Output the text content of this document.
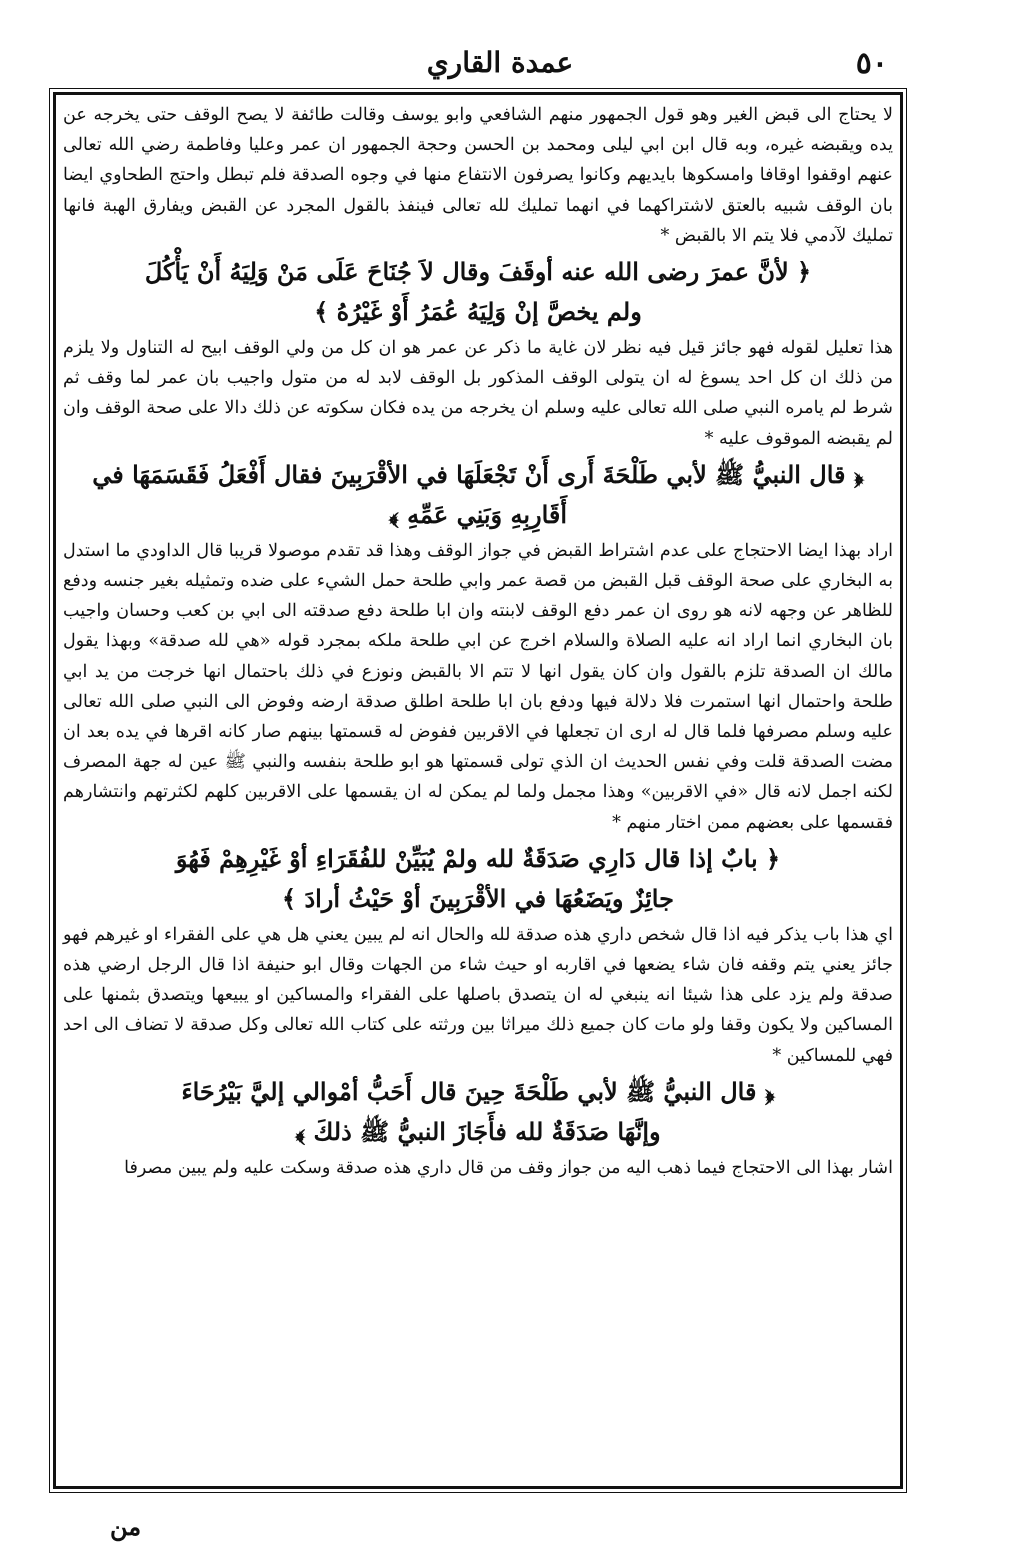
٥٠
عمدة القاري

لا يحتاج الى قبض الغير وهو قول الجمهور منهم الشافعي وابو يوسف وقالت طائفة لا يصح الوقف حتى يخرجه عن يده ويقبضه غيره، وبه قال ابن ابي ليلى ومحمد بن الحسن وحجة الجمهور ان عمر وعليا وفاطمة رضي الله تعالى عنهم اوقفوا اوقافا وامسكوها بايديهم وكانوا يصرفون الانتفاع منها في وجوه الصدقة فلم تبطل واحتج الطحاوي ايضا بان الوقف شبيه بالعتق لاشتراكهما في انهما تمليك لله تعالى فينفذ بالقول المجرد عن القبض ويفارق الهبة فانها تمليك لآدمي فلا يتم الا بالقبض *

﴿ لأنَّ عمرَ رضى الله عنه أوقَفَ وقال لاَ جُنَاحَ عَلَى مَنْ وَلِيَهُ أَنْ يَأْكُلَ
ولم يخصَّ إنْ وَلِيَهُ عُمَرُ أَوْ غَيْرُهُ ﴾

هذا تعليل لقوله فهو جائز قيل فيه نظر لان غاية ما ذكر عن عمر هو ان كل من ولي الوقف ابيح له التناول ولا يلزم من ذلك ان كل احد يسوغ له ان يتولى الوقف المذكور بل الوقف لابد له من متول واجيب بان عمر لما وقف ثم شرط لم يامره النبي صلى الله تعالى عليه وسلم ان يخرجه من يده فكان سكوته عن ذلك دالا على صحة الوقف وان لم يقبضه الموقوف عليه *

﴿ قال النبيُّ ﷺ لأبي طَلْحَةَ أَرى أَنْ تَجْعَلَهَا في الأقْرَبِينَ فقال أَفْعَلُ فَقَسَمَهَا في أَقَارِبِهِ وَبَنِي عَمِّهِ ﴾

اراد بهذا ايضا الاحتجاج على عدم اشتراط القبض في جواز الوقف وهذا قد تقدم موصولا قريبا قال الداودي ما استدل به البخاري على صحة الوقف قبل القبض من قصة عمر وابي طلحة حمل الشيء على ضده وتمثيله بغير جنسه ودفع للظاهر عن وجهه لانه هو روى ان عمر دفع الوقف لابنته وان ابا طلحة دفع صدقته الى ابي بن كعب وحسان واجيب بان البخاري انما اراد انه عليه الصلاة والسلام اخرج عن ابي طلحة ملكه بمجرد قوله «هي لله صدقة» وبهذا يقول مالك ان الصدقة تلزم بالقول وان كان يقول انها لا تتم الا بالقبض ونوزع في ذلك باحتمال انها خرجت من يد ابي طلحة واحتمال انها استمرت فلا دلالة فيها ودفع بان ابا طلحة اطلق صدقة ارضه وفوض الى النبي صلى الله تعالى عليه وسلم مصرفها فلما قال له ارى ان تجعلها في الاقربين ففوض له قسمتها بينهم صار كانه اقرها في يده بعد ان مضت الصدقة قلت وفي نفس الحديث ان الذي تولى قسمتها هو ابو طلحة بنفسه والنبي ﷺ عين له جهة المصرف لكنه اجمل لانه قال «في الاقربين» وهذا مجمل ولما لم يمكن له ان يقسمها على الاقربين كلهم لكثرتهم وانتشارهم فقسمها على بعضهم ممن اختار منهم *

﴿ بابٌ إذا قال دَارِي صَدَقَةٌ لله ولمْ يُبَيِّنْ للفُقَرَاءِ أوْ غَيْرِهِمْ فَهُوَ
جائِزٌ ويَضَعُهَا في الأقْرَبِينَ أوْ حَيْثُ أرادَ ﴾

اي هذا باب يذكر فيه اذا قال شخص داري هذه صدقة لله والحال انه لم يبين يعني هل هي على الفقراء او غيرهم فهو جائز يعني يتم وقفه فان شاء يضعها في اقاربه او حيث شاء من الجهات وقال ابو حنيفة اذا قال الرجل ارضي هذه صدقة ولم يزد على هذا شيئا انه ينبغي له ان يتصدق باصلها على الفقراء والمساكين او يبيعها ويتصدق بثمنها على المساكين ولا يكون وقفا ولو مات كان جميع ذلك ميراثا بين ورثته على كتاب الله تعالى وكل صدقة لا تضاف الى احد فهي للمساكين *

﴿ قال النبيُّ ﷺ لأبي طَلْحَةَ حِينَ قال أَحَبُّ أمْوالي إليَّ بَيْرُحَاءَ
وإنَّهَا صَدَقَةٌ لله فأَجَازَ النبيُّ ﷺ ذلكَ ﴾

اشار بهذا الى الاحتجاج فيما ذهب اليه من جواز وقف من قال داري هذه صدقة وسكت عليه ولم يبين مصرفا

من
